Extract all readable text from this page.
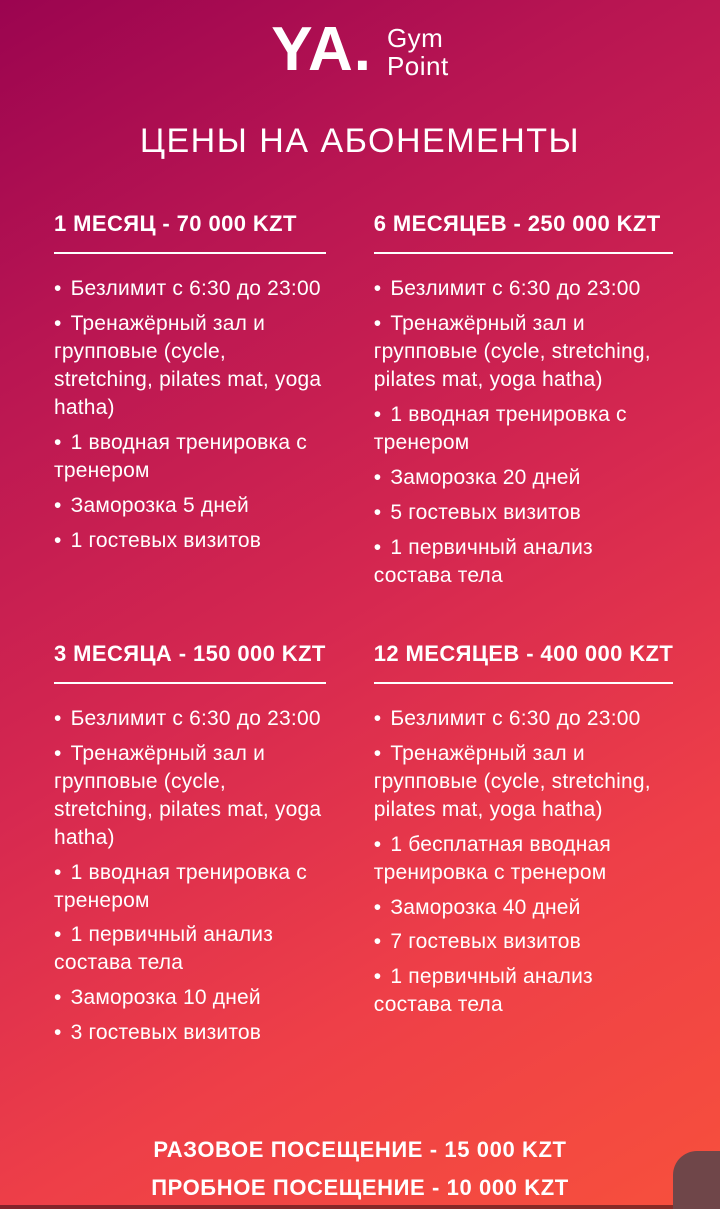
YA. Gym
Point
ЦЕНЫ НА АБОНЕМЕНТЫ
1 МЕСЯЦ - 70 000 KZT
• Безлимит с 6:30 до 23:00
• Тренажёрный зал и групповые (cycle, stretching, pilates mat, yoga hatha)
• 1 вводная тренировка с тренером
• Заморозка 5 дней
• 1 гостевых визитов
6 МЕСЯЦЕВ - 250 000 KZT
• Безлимит с 6:30 до 23:00
• Тренажёрный зал и групповые (cycle, stretching, pilates mat, yoga hatha)
• 1 вводная тренировка с тренером
• Заморозка 20 дней
• 5 гостевых визитов
• 1 первичный анализ состава тела
3 МЕСЯЦА - 150 000 KZT
• Безлимит с 6:30 до 23:00
• Тренажёрный зал и групповые (cycle, stretching, pilates mat, yoga hatha)
• 1 вводная тренировка с тренером
• 1 первичный анализ состава тела
• Заморозка 10 дней
• 3 гостевых визитов
12 МЕСЯЦЕВ - 400 000 KZT
• Безлимит с 6:30 до 23:00
• Тренажёрный зал и групповые (cycle, stretching, pilates mat, yoga hatha)
• 1 бесплатная вводная тренировка с тренером
• Заморозка 40 дней
• 7 гостевых визитов
• 1 первичный анализ состава тела

РАЗОВОЕ ПОСЕЩЕНИЕ - 15 000 KZT

ПРОБНОЕ ПОСЕЩЕНИЕ - 10 000 KZT
